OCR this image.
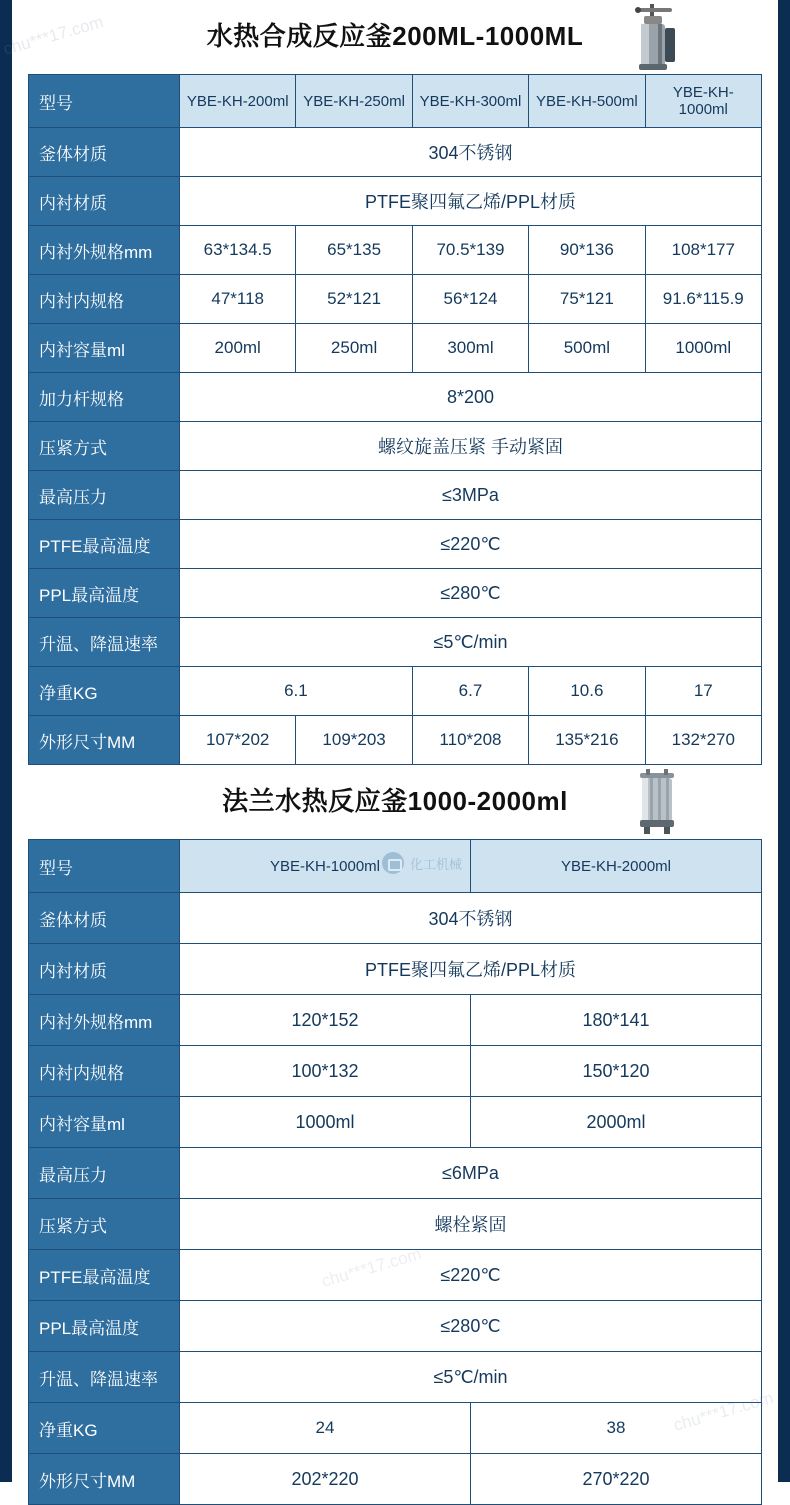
水热合成反应釜200ML-1000ML
型号	YBE-KH-200ml	YBE-KH-250ml	YBE-KH-300ml	YBE-KH-500ml	YBE-KH-1000ml
釜体材质	304不锈钢				
内衬材质	PTFE聚四氟乙烯/PPL材质				
内衬外规格mm	63*134.5	65*135	70.5*139	90*136	108*177
内衬内规格	47*118	52*121	56*124	75*121	91.6*115.9
内衬容量ml	200ml	250ml	300ml	500ml	1000ml
加力杆规格	8*200				
压紧方式	螺纹旋盖压紧 手动紧固				
最高压力	≤3MPa				
PTFE最高温度	≤220℃				
PPL最高温度	≤280℃				
升温、降温速率	≤5℃/min				
净重KG	6.1		6.7	10.6	17
外形尺寸MM	107*202	109*203	110*208	135*216	132*270
法兰水热反应釜1000-2000ml
型号	YBE-KH-1000ml	YBE-KH-2000ml
釜体材质	304不锈钢	
内衬材质	PTFE聚四氟乙烯/PPL材质	
内衬外规格mm	120*152	180*141
内衬内规格	100*132	150*120
内衬容量ml	1000ml	2000ml
最高压力	≤6MPa	
压紧方式	螺栓紧固	
PTFE最高温度	≤220℃	
PPL最高温度	≤280℃	
升温、降温速率	≤5℃/min	
净重KG	24	38
外形尺寸MM	202*220	270*220
chu***17.com
化工机械
